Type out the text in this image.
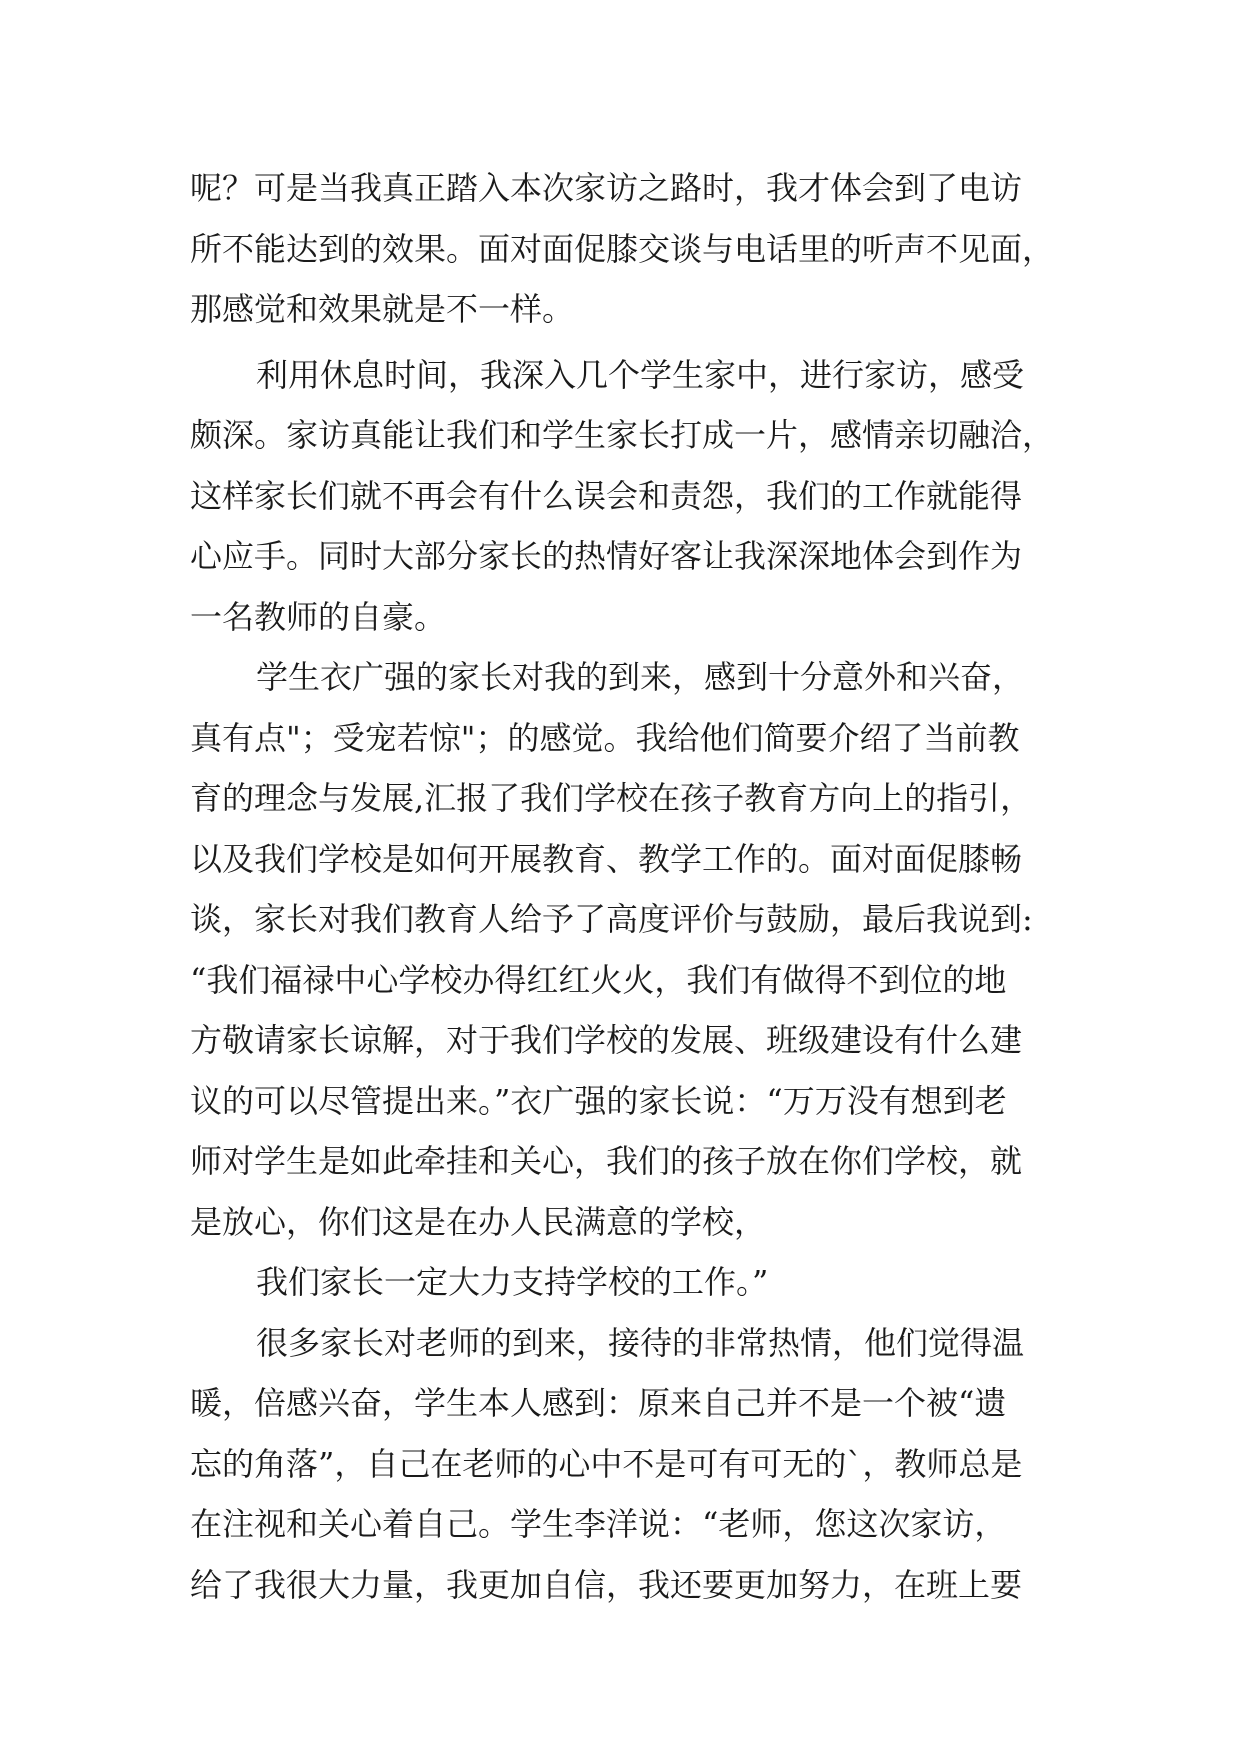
呢？可是当我真正踏入本次家访之路时，我才体会到了电访
所不能达到的效果。面对面促膝交谈与电话里的听声不见面，
那感觉和效果就是不一样。
利用休息时间，我深入几个学生家中，进行家访，感受
颇深。家访真能让我们和学生家长打成一片，感情亲切融洽，
这样家长们就不再会有什么误会和责怨，我们的工作就能得
心应手。同时大部分家长的热情好客让我深深地体会到作为
一名教师的自豪。
学生衣广强的家长对我的到来，感到十分意外和兴奋，
真有点"；受宠若惊"；的感觉。我给他们简要介绍了当前教
育的理念与发展,汇报了我们学校在孩子教育方向上的指引，
以及我们学校是如何开展教育、教学工作的。面对面促膝畅
谈，家长对我们教育人给予了高度评价与鼓励，最后我说到:
“我们福禄中心学校办得红红火火，我们有做得不到位的地
方敬请家长谅解，对于我们学校的发展、班级建设有什么建
议的可以尽管提出来。”衣广强的家长说：“万万没有想到老
师对学生是如此牵挂和关心，我们的孩子放在你们学校，就
是放心，你们这是在办人民满意的学校，
我们家长一定大力支持学校的工作。”
很多家长对老师的到来，接待的非常热情，他们觉得温
暖，倍感兴奋，学生本人感到：原来自己并不是一个被“遗
忘的角落”，自己在老师的心中不是可有可无的`，教师总是
在注视和关心着自己。学生李洋说：“老师，您这次家访，
给了我很大力量，我更加自信，我还要更加努力，在班上要
